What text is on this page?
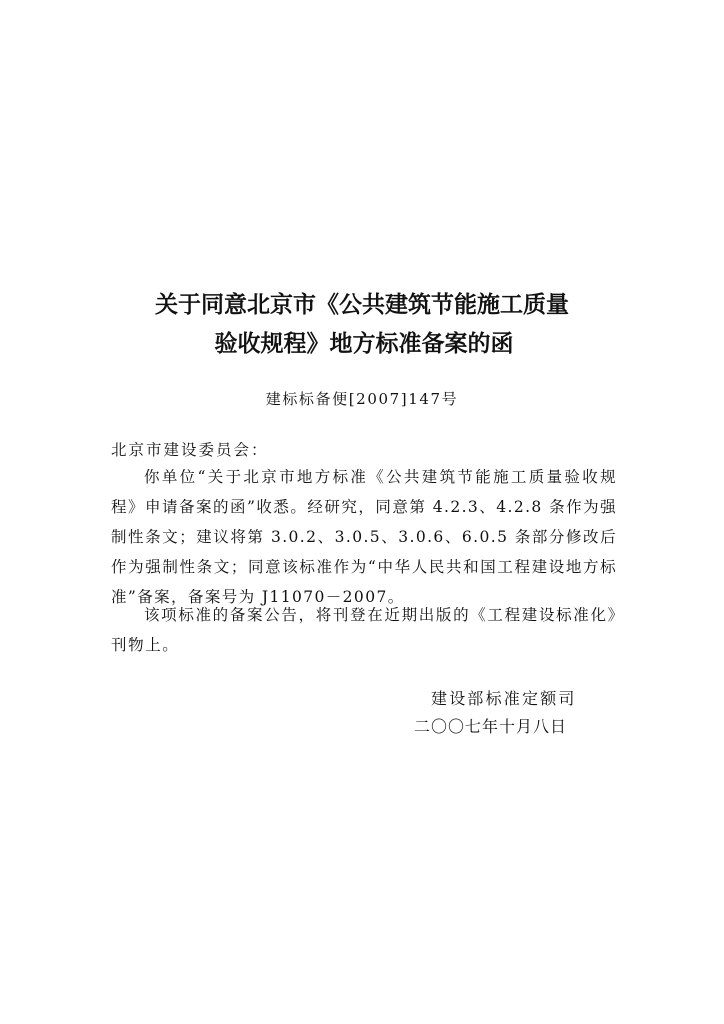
关于同意北京市《公共建筑节能施工质量
验收规程》地方标准备案的函
建标标备便[2007]147号
北京市建设委员会：
你单位“关于北京市地方标准《公共建筑节能施工质量验收规程》申请备案的函”收悉。经研究，同意第 4.2.3、4.2.8 条作为强制性条文；建议将第 3.0.2、3.0.5、3.0.6、6.0.5 条部分修改后作为强制性条文；同意该标准作为“中华人民共和国工程建设地方标准”备案，备案号为 J11070－2007。
该项标准的备案公告，将刊登在近期出版的《工程建设标准化》刊物上。
建设部标准定额司
二〇〇七年十月八日
